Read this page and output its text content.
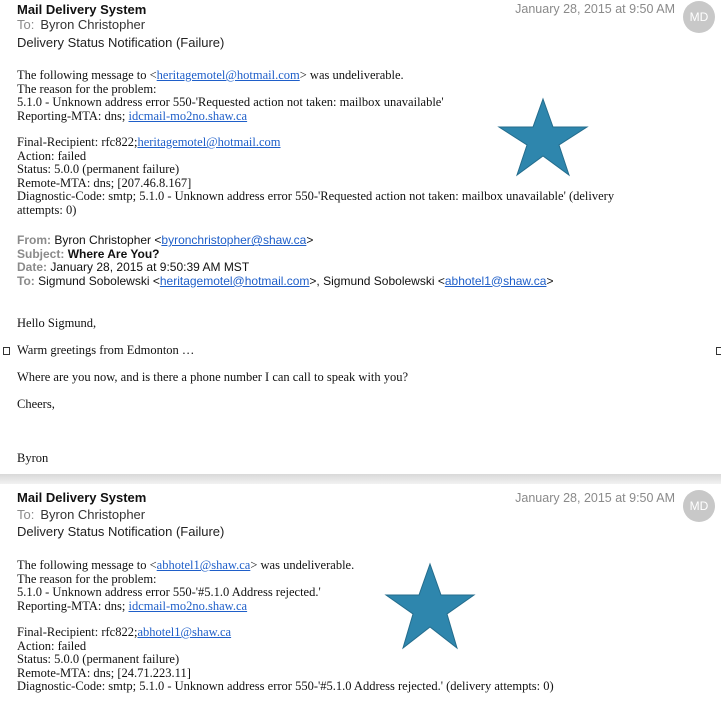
Mail Delivery System	January 28, 2015 at 9:50 AM
MD
To: Byron Christopher
Delivery Status Notification (Failure)
The following message to <heritagemotel@hotmail.com> was undeliverable.
The reason for the problem:
5.1.0 - Unknown address error 550-'Requested action not taken: mailbox unavailable'
Reporting-MTA: dns; idcmail-mo2no.shaw.ca
Final-Recipient: rfc822;heritagemotel@hotmail.com
Action: failed
Status: 5.0.0 (permanent failure)
Remote-MTA: dns; [207.46.8.167]
Diagnostic-Code: smtp; 5.1.0 - Unknown address error 550-'Requested action not taken: mailbox unavailable' (delivery
attempts: 0)
From: Byron Christopher <byronchristopher@shaw.ca>
Subject: Where Are You?
Date: January 28, 2015 at 9:50:39 AM MST
To: Sigmund Sobolewski <heritagemotel@hotmail.com>, Sigmund Sobolewski <abhotel1@shaw.ca>
Hello Sigmund,
Warm greetings from Edmonton …
Where are you now, and is there a phone number I can call to speak with you?
Cheers,
Byron
Mail Delivery System	January 28, 2015 at 9:50 AM
MD
To: Byron Christopher
Delivery Status Notification (Failure)
The following message to <abhotel1@shaw.ca> was undeliverable.
The reason for the problem:
5.1.0 - Unknown address error 550-'#5.1.0 Address rejected.'
Reporting-MTA: dns; idcmail-mo2no.shaw.ca
Final-Recipient: rfc822;abhotel1@shaw.ca
Action: failed
Status: 5.0.0 (permanent failure)
Remote-MTA: dns; [24.71.223.11]
Diagnostic-Code: smtp; 5.1.0 - Unknown address error 550-'#5.1.0 Address rejected.' (delivery attempts: 0)
